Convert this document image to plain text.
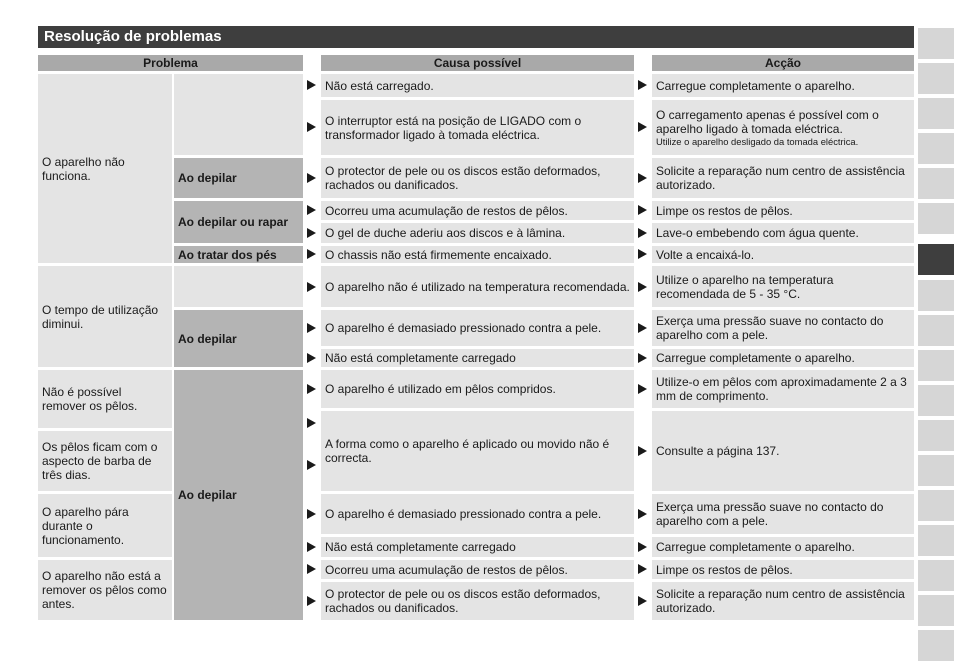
Resolução de problemas
Problema	Causa possível	Acção
O aparelho não funciona.
O tempo de utilização diminui.
Não é possível remover os pêlos.
Os pêlos ficam com o aspecto de barba de três dias.
O aparelho pára durante o funcionamento.
O aparelho não está a remover os pêlos como antes.
Ao depilar
Ao depilar ou rapar
Ao tratar dos pés
Ao depilar
Ao depilar
Não está carregado.
O interruptor está na posição de LIGADO com o transformador ligado à tomada eléctrica.
O protector de pele ou os discos estão deformados, rachados ou danificados.
Ocorreu uma acumulação de restos de pêlos.
O gel de duche aderiu aos discos e à lâmina.
O chassis não está firmemente encaixado.
O aparelho não é utilizado na temperatura recomendada.
O aparelho é demasiado pressionado contra a pele.
Não está completamente carregado
O aparelho é utilizado em pêlos compridos.
A forma como o aparelho é aplicado ou movido não é correcta.
O aparelho é demasiado pressionado contra a pele.
Não está completamente carregado
Ocorreu uma acumulação de restos de pêlos.
O protector de pele ou os discos estão deformados, rachados ou danificados.
Carregue completamente o aparelho.
O carregamento apenas é possível com o aparelho ligado à tomada eléctrica.
Utilize o aparelho desligado da tomada eléctrica.
Solicite a reparação num centro de assistência autorizado.
Limpe os restos de pêlos.
Lave-o embebendo com água quente.
Volte a encaixá-lo.
Utilize o aparelho na temperatura recomendada de 5 - 35 °C.
Exerça uma pressão suave no contacto do aparelho com a pele.
Carregue completamente o aparelho.
Utilize-o em pêlos com aproximadamente 2 a 3 mm de comprimento.
Consulte a página 137.
Exerça uma pressão suave no contacto do aparelho com a pele.
Carregue completamente o aparelho.
Limpe os restos de pêlos.
Solicite a reparação num centro de assistência autorizado.
